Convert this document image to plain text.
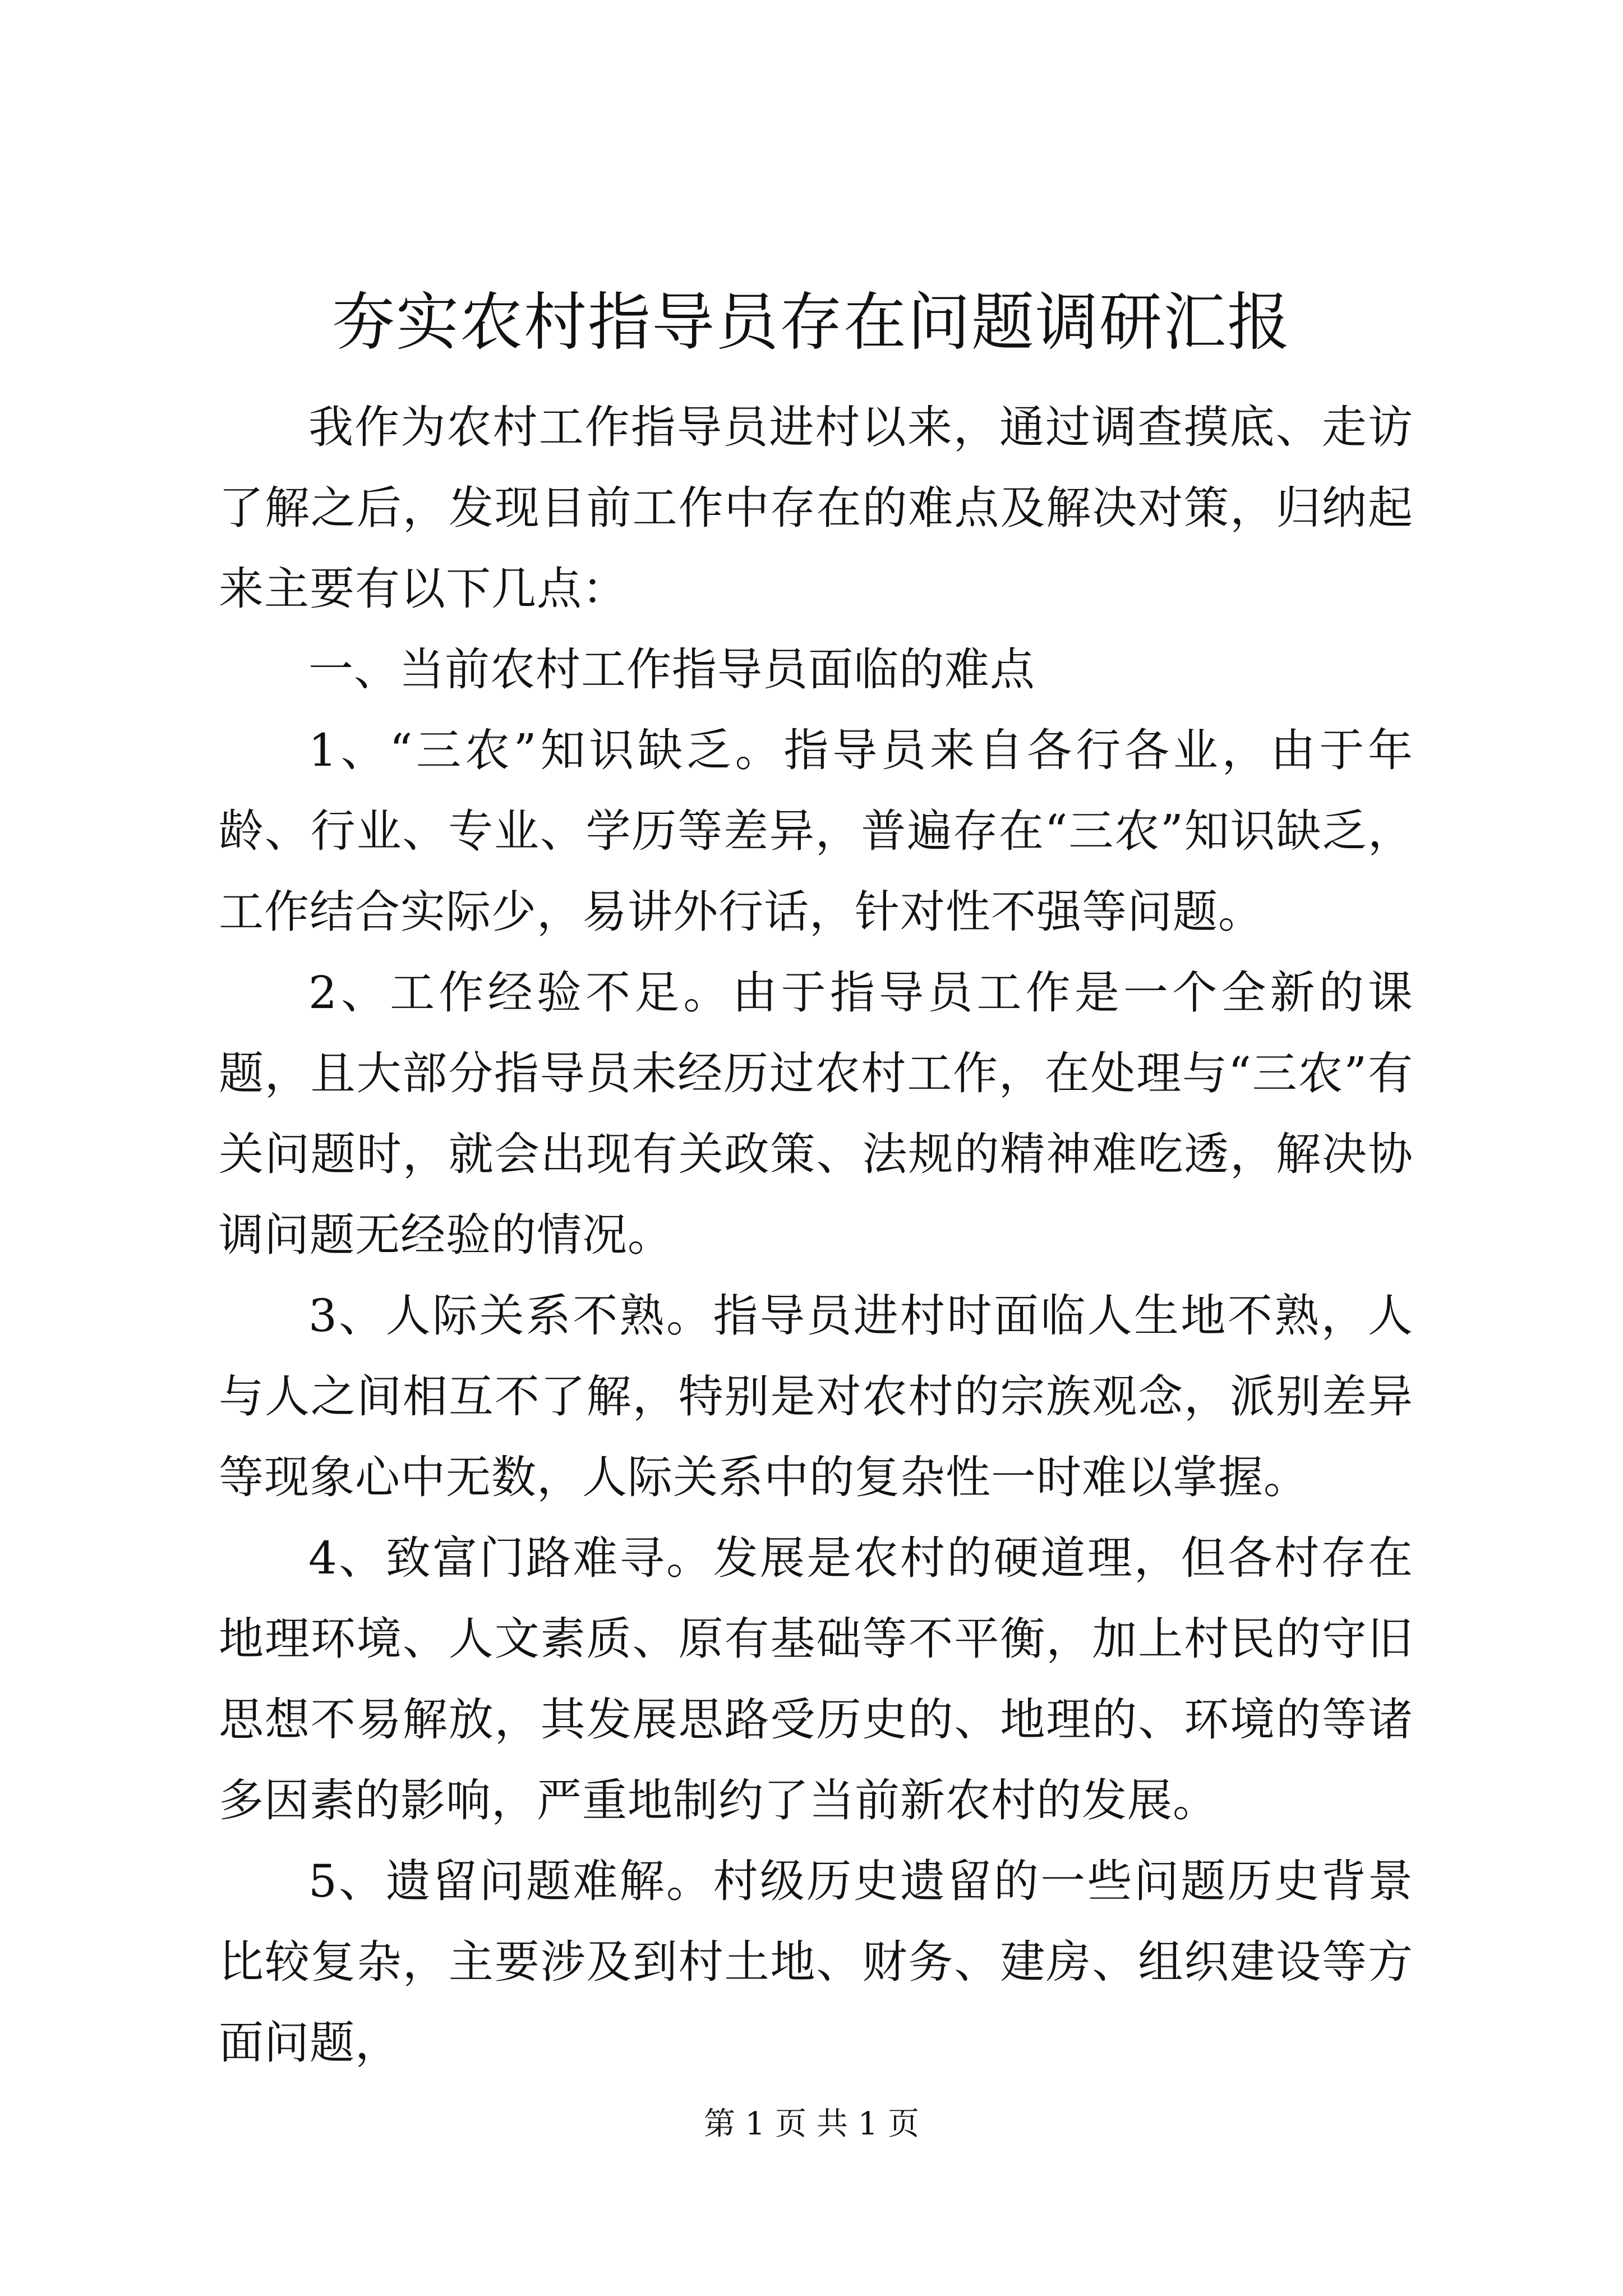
夯实农村指导员存在问题调研汇报

我作为农村工作指导员进村以来，通过调查摸底、走访了解之后，发现目前工作中存在的难点及解决对策，归纳起来主要有以下几点：

一、当前农村工作指导员面临的难点

1、“三农”知识缺乏。指导员来自各行各业，由于年龄、行业、专业、学历等差异，普遍存在“三农”知识缺乏，工作结合实际少，易讲外行话，针对性不强等问题。

2、工作经验不足。由于指导员工作是一个全新的课题，且大部分指导员未经历过农村工作，在处理与“三农”有关问题时，就会出现有关政策、法规的精神难吃透，解决协调问题无经验的情况。

3、人际关系不熟。指导员进村时面临人生地不熟，人与人之间相互不了解，特别是对农村的宗族观念，派别差异等现象心中无数，人际关系中的复杂性一时难以掌握。

4、致富门路难寻。发展是农村的硬道理，但各村存在地理环境、人文素质、原有基础等不平衡，加上村民的守旧思想不易解放，其发展思路受历史的、地理的、环境的等诸多因素的影响，严重地制约了当前新农村的发展。

5、遗留问题难解。村级历史遗留的一些问题历史背景比较复杂，主要涉及到村土地、财务、建房、组织建设等方面问题，

第 1 页 共 1 页
